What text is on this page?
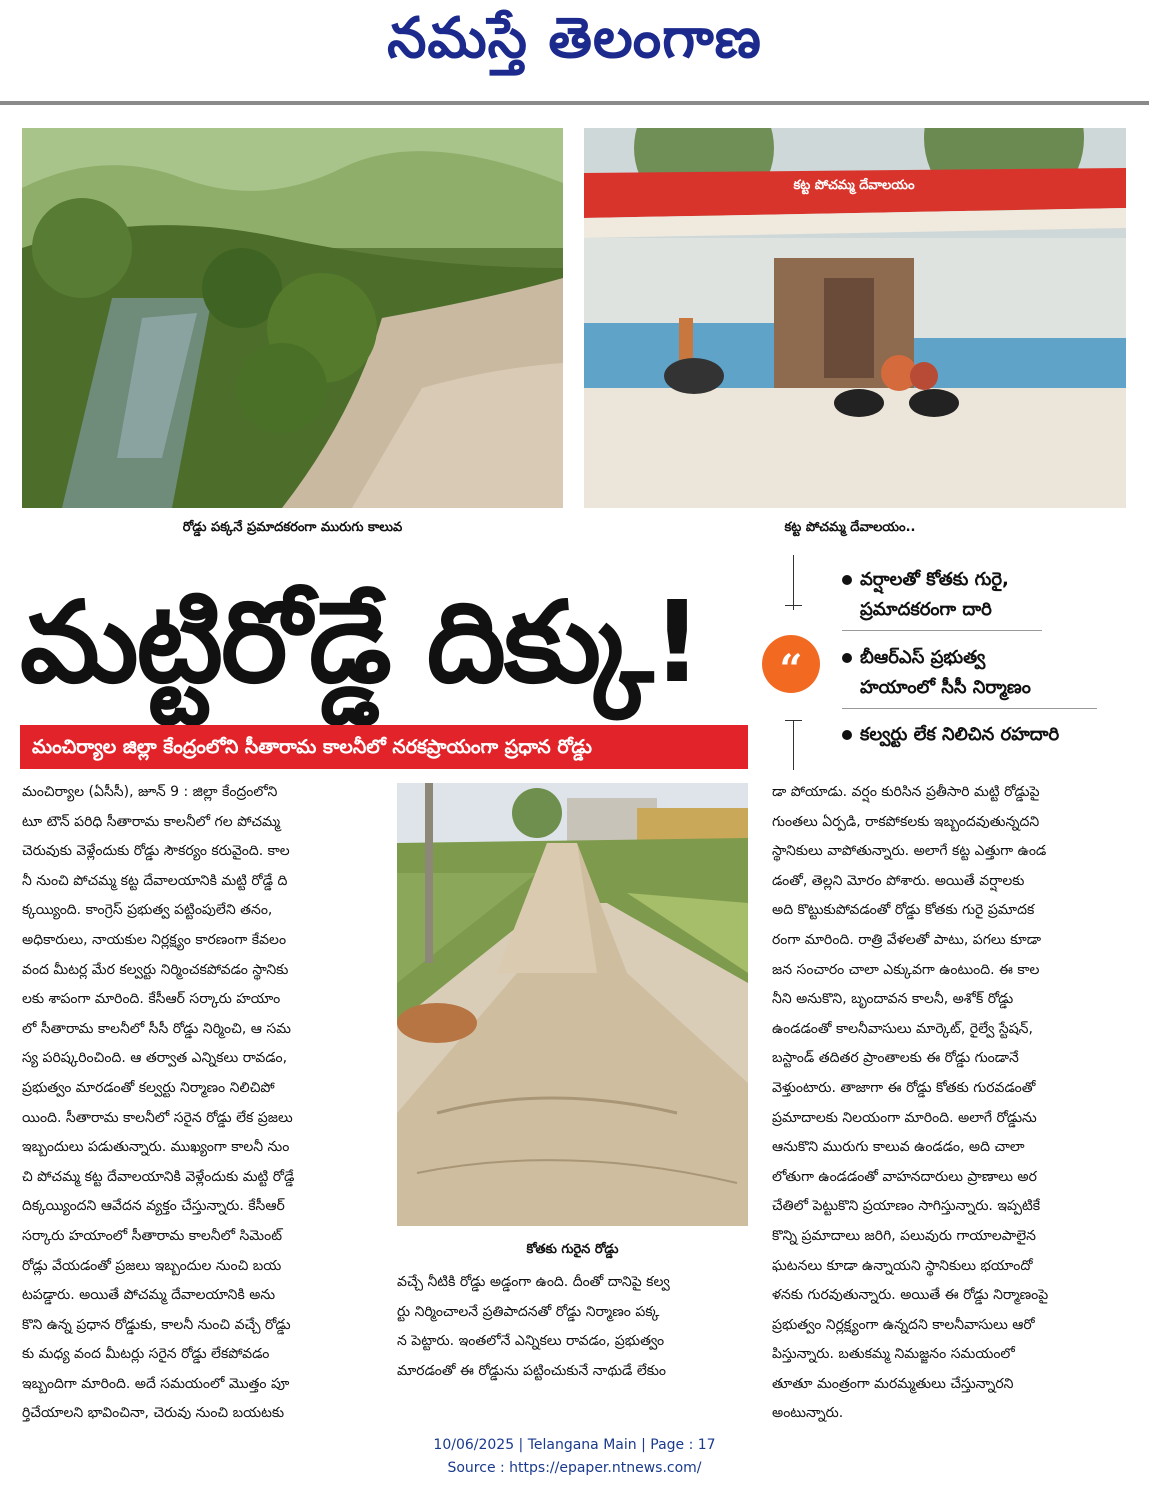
నమస్తే తెలంగాణ
రోడ్డు పక్కనే ప్రమాదకరంగా మురుగు కాలువ
కట్ట పోచమ్మ దేవాలయం
కట్ట పోచమ్మ దేవాలయం..
మట్టిరోడ్డే దిక్కు!	“
వర్షాలతో కోతకు గురై,
ప్రమాదకరంగా దారి
బీఆర్‌ఎస్‌ ప్రభుత్వ
హయాంలో సీసీ నిర్మాణం
కల్వర్టు లేక నిలిచిన రహదారి
మంచిర్యాల జిల్లా కేంద్రంలోని సీతారామ కాలనీలో నరకప్రాయంగా ప్రధాన రోడ్డు

మంచిర్యాల (ఏసీసీ), జూన్‌ 9 : జిల్లా కేంద్రంలోని

టూ టౌన్‌ పరిధి సీతారామ కాలనీలో గల పోచమ్మ

చెరువుకు వెళ్లేందుకు రోడ్డు సౌకర్యం కరువైంది. కాల

నీ నుంచి పోచమ్మ కట్ట దేవాలయానికి మట్టి రోడ్డే ది

క్కయ్యింది. కాంగ్రెస్‌ ప్రభుత్వ పట్టింపులేని తనం,

అధికారులు, నాయకుల నిర్లక్ష్యం కారణంగా కేవలం

వంద మీటర్ల మేర కల్వర్టు నిర్మించకపోవడం స్థానికు

లకు శాపంగా మారింది. కేసీఆర్‌ సర్కారు హయాం

లో సీతారామ కాలనీలో సీసీ రోడ్డు నిర్మించి, ఆ సమ

స్య పరిష్కరించింది. ఆ తర్వాత ఎన్నికలు రావడం,

ప్రభుత్వం మారడంతో కల్వర్టు నిర్మాణం నిలిచిపో

యింది. సీతారామ కాలనీలో సరైన రోడ్డు లేక ప్రజలు

ఇబ్బందులు పడుతున్నారు. ముఖ్యంగా కాలనీ నుం

చి పోచమ్మ కట్ట దేవాలయానికి వెళ్లేందుకు మట్టి రోడ్డే

దిక్కయ్యిందని ఆవేదన వ్యక్తం చేస్తున్నారు. కేసీఆర్‌

సర్కారు హయాంలో సీతారామ కాలనీలో సిమెంట్‌

రోడ్లు వేయడంతో ప్రజలు ఇబ్బందుల నుంచి బయ

టపడ్డారు. అయితే పోచమ్మ దేవాలయానికి అను

కొని ఉన్న ప్రధాన రోడ్డుకు, కాలనీ నుంచి వచ్చే రోడ్డు

కు మధ్య వంద మీటర్లు సరైన రోడ్డు లేకపోవడం

ఇబ్బందిగా మారింది. అదే సమయంలో మొత్తం పూ

ర్తిచేయాలని భావించినా, చెరువు నుంచి బయటకు

కోతకు గురైన రోడ్డు

వచ్చే నీటికి రోడ్డు అడ్డంగా ఉంది. దీంతో దానిపై కల్వ

ర్టు నిర్మించాలనే ప్రతిపాదనతో రోడ్డు నిర్మాణం పక్క

న పెట్టారు. ఇంతలోనే ఎన్నికలు రావడం, ప్రభుత్వం

మారడంతో ఈ రోడ్డును పట్టించుకునే నాథుడే లేకుం

డా పోయాడు. వర్షం కురిసిన ప్రతీసారి మట్టి రోడ్డుపై

గుంతలు ఏర్పడి, రాకపోకలకు ఇబ్బందవుతున్నదని

స్థానికులు వాపోతున్నారు. అలాగే కట్ట ఎత్తుగా ఉండ

డంతో, తెల్లని మోరం పోశారు. అయితే వర్షాలకు

అది కొట్టుకుపోవడంతో రోడ్డు కోతకు గురై ప్రమాదక

రంగా మారింది. రాత్రి వేళలతో పాటు, పగలు కూడా

జన సంచారం చాలా ఎక్కువగా ఉంటుంది. ఈ కాల

నీని అనుకొని, బృందావన కాలనీ, అశోక్‌ రోడ్డు

ఉండడంతో కాలనీవాసులు మార్కెట్‌, రైల్వే స్టేషన్‌,

బస్టాండ్‌ తదితర ప్రాంతాలకు ఈ రోడ్డు గుండానే

వెళ్తుంటారు. తాజాగా ఈ రోడ్డు కోతకు గురవడంతో

ప్రమాదాలకు నిలయంగా మారింది. అలాగే రోడ్డును

ఆనుకొని మురుగు కాలువ ఉండడం, అది చాలా

లోతుగా ఉండడంతో వాహనదారులు ప్రాణాలు అర

చేతిలో పెట్టుకొని ప్రయాణం సాగిస్తున్నారు. ఇప్పటికే

కొన్ని ప్రమాదాలు జరిగి, పలువురు గాయాలపాలైన

ఘటనలు కూడా ఉన్నాయని స్థానికులు భయాందో

ళనకు గురవుతున్నారు. అయితే ఈ రోడ్డు నిర్మాణంపై

ప్రభుత్వం నిర్లక్ష్యంగా ఉన్నదని కాలనీవాసులు ఆరో

పిస్తున్నారు. బతుకమ్మ నిమజ్జనం సమయంలో

తూతూ మంత్రంగా మరమ్మతులు చేస్తున్నారని

అంటున్నారు.

10/06/2025 | Telangana Main | Page : 17
Source : https://epaper.ntnews.com/
